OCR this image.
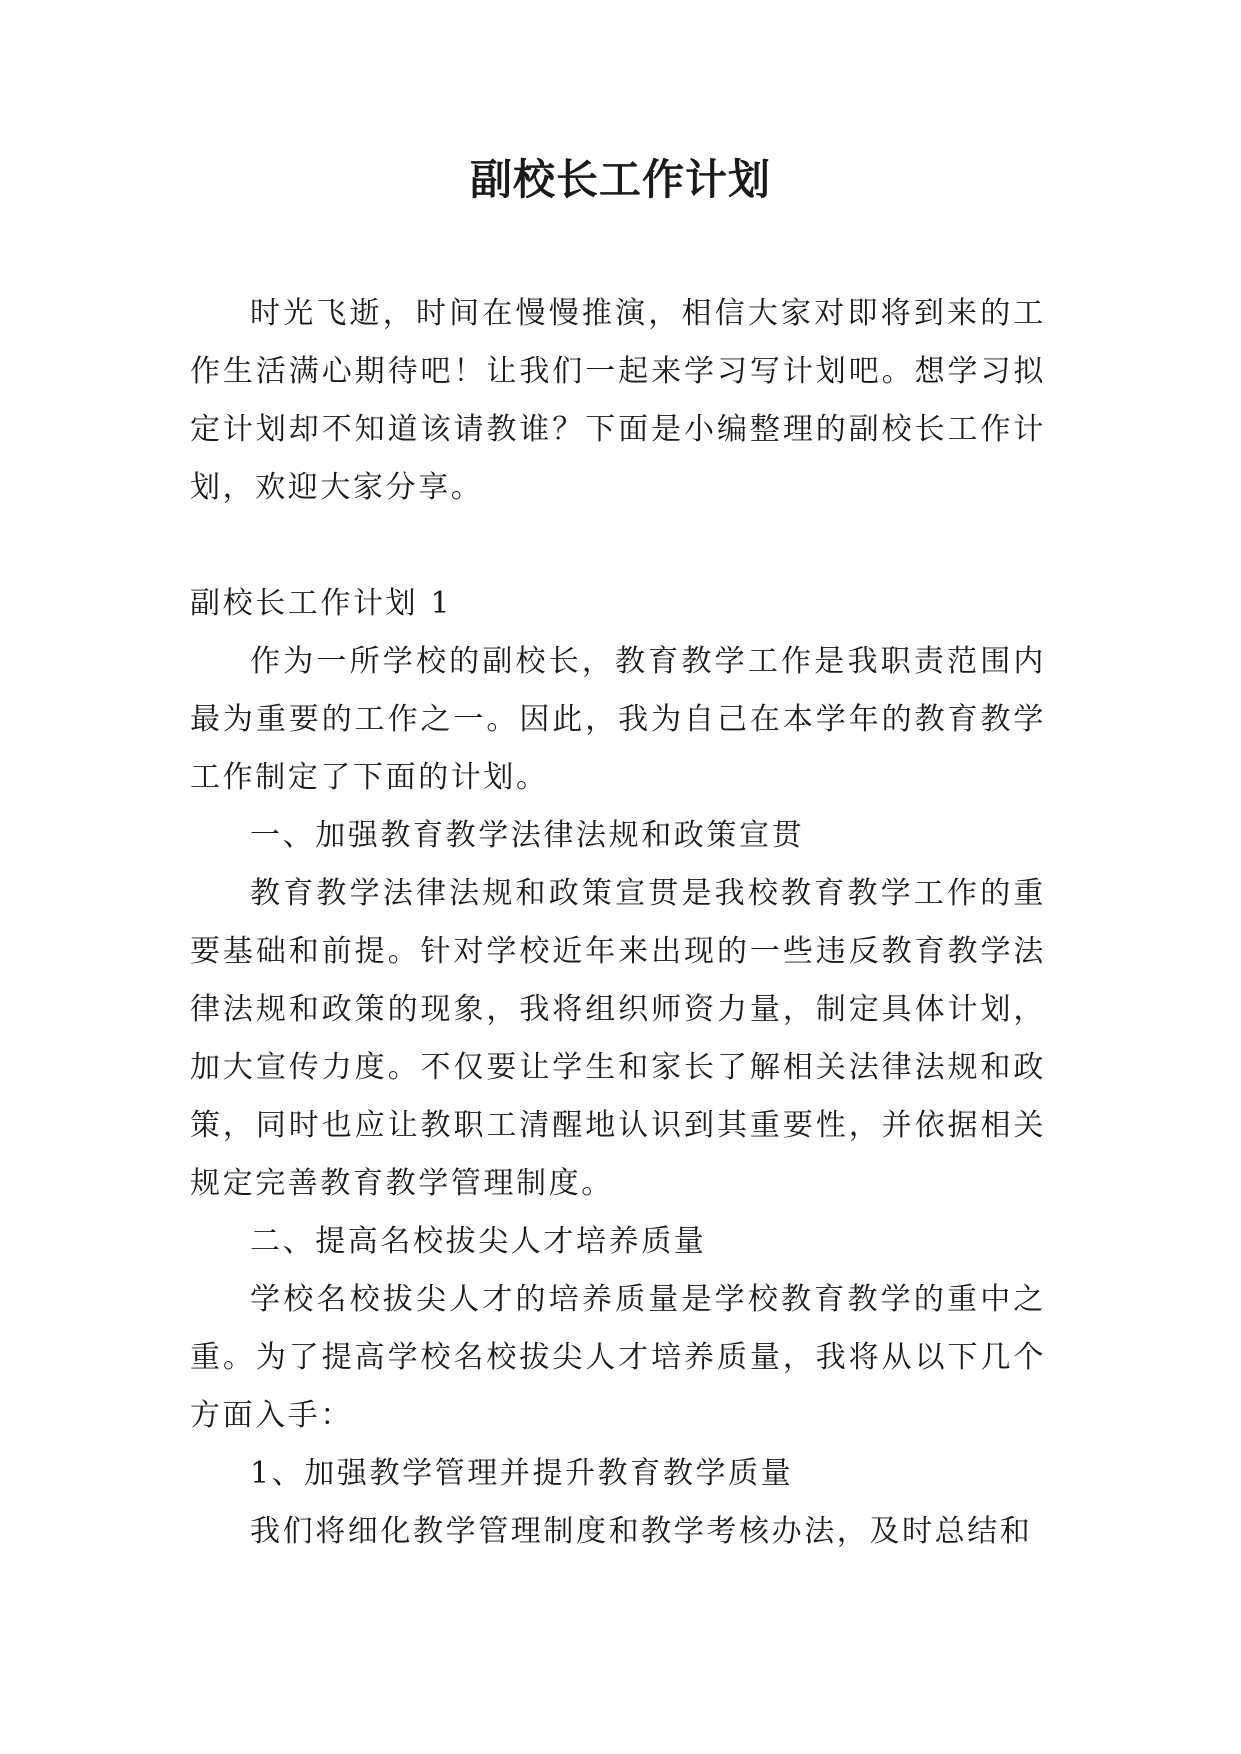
副校长工作计划

时光飞逝，时间在慢慢推演，相信大家对即将到来的工作生活满心期待吧！让我们一起来学习写计划吧。想学习拟定计划却不知道该请教谁？下面是小编整理的副校长工作计划，欢迎大家分享。

副校长工作计划 1

作为一所学校的副校长，教育教学工作是我职责范围内最为重要的工作之一。因此，我为自己在本学年的教育教学工作制定了下面的计划。

一、加强教育教学法律法规和政策宣贯

教育教学法律法规和政策宣贯是我校教育教学工作的重要基础和前提。针对学校近年来出现的一些违反教育教学法律法规和政策的现象，我将组织师资力量，制定具体计划，加大宣传力度。不仅要让学生和家长了解相关法律法规和政策，同时也应让教职工清醒地认识到其重要性，并依据相关规定完善教育教学管理制度。

二、提高名校拔尖人才培养质量

学校名校拔尖人才的培养质量是学校教育教学的重中之重。为了提高学校名校拔尖人才培养质量，我将从以下几个方面入手：

1、加强教学管理并提升教育教学质量

我们将细化教学管理制度和教学考核办法，及时总结和
